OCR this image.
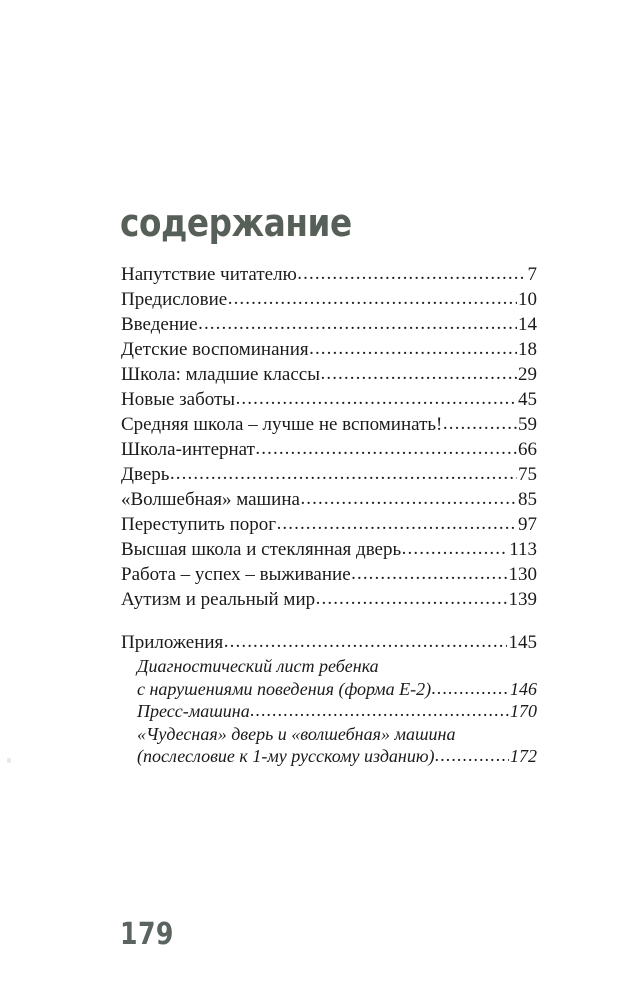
содержание
Напутствие читателю .....	7
Предисловие .....	10
Введение .....	14
Детские воспоминания .....	18
Школа: младшие классы .....	29
Новые заботы .....	45
Средняя школа – лучше не вспоминать! .....	59
Школа-интернат .....	66
Дверь .....	75
«Волшебная» машина .....	85
Переступить порог .....	97
Высшая школа и стеклянная дверь .....	113
Работа – успех – выживание .....	130
Аутизм и реальный мир .....	139
Приложения .....	145
Диагностический лист ребенка
с нарушениями поведения (форма Е-2) .....	146
Пресс-машина .....	170
«Чудесная» дверь и «волшебная» машина
(послесловие к 1-му русскому изданию) .....	172
179
